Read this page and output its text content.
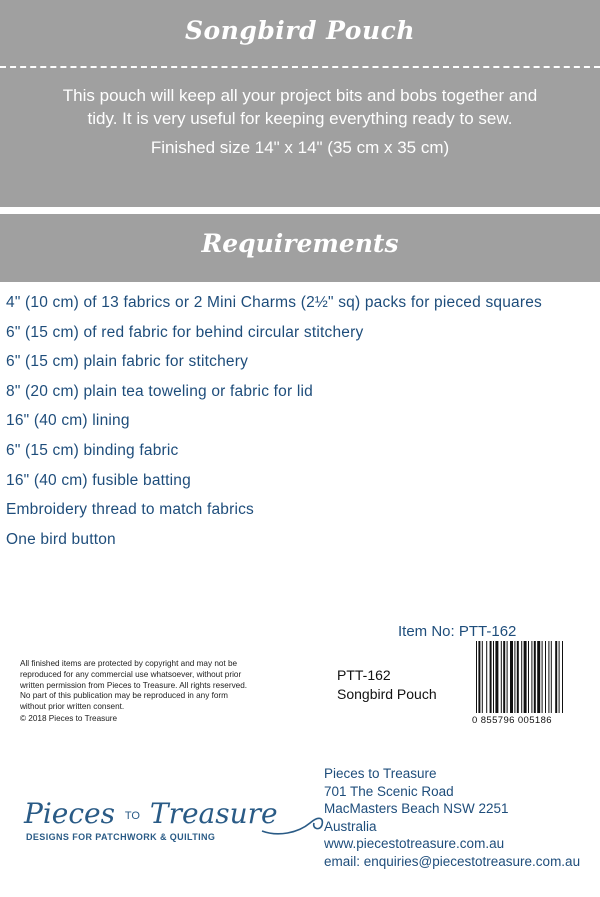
Songbird Pouch
This pouch will keep all your project bits and bobs together and
tidy. It is very useful for keeping everything ready to sew.
Finished size 14" x 14" (35 cm x 35 cm)
Requirements
4" (10 cm) of 13 fabrics or 2 Mini Charms (2½" sq) packs for pieced squares
6" (15 cm) of red fabric for behind circular stitchery
6" (15 cm) plain fabric for stitchery
8" (20 cm) plain tea toweling or fabric for lid
16" (40 cm) lining
6" (15 cm) binding fabric
16" (40 cm) fusible batting
Embroidery thread to match fabrics
One bird button
Item No: PTT-162
All finished items are protected by copyright and may not be
reproduced for any commercial use whatsoever, without prior
written permission from Pieces to Treasure. All rights reserved.
No part of this publication may be reproduced in any form
without prior written consent.
© 2018 Pieces to Treasure
PTT-162
Songbird Pouch
0 855796 005186
Pieces TO Treasure
DESIGNS FOR PATCHWORK & QUILTING
Pieces to Treasure
701 The Scenic Road
MacMasters Beach NSW 2251
Australia
www.piecestotreasure.com.au
email: enquiries@piecestotreasure.com.au
